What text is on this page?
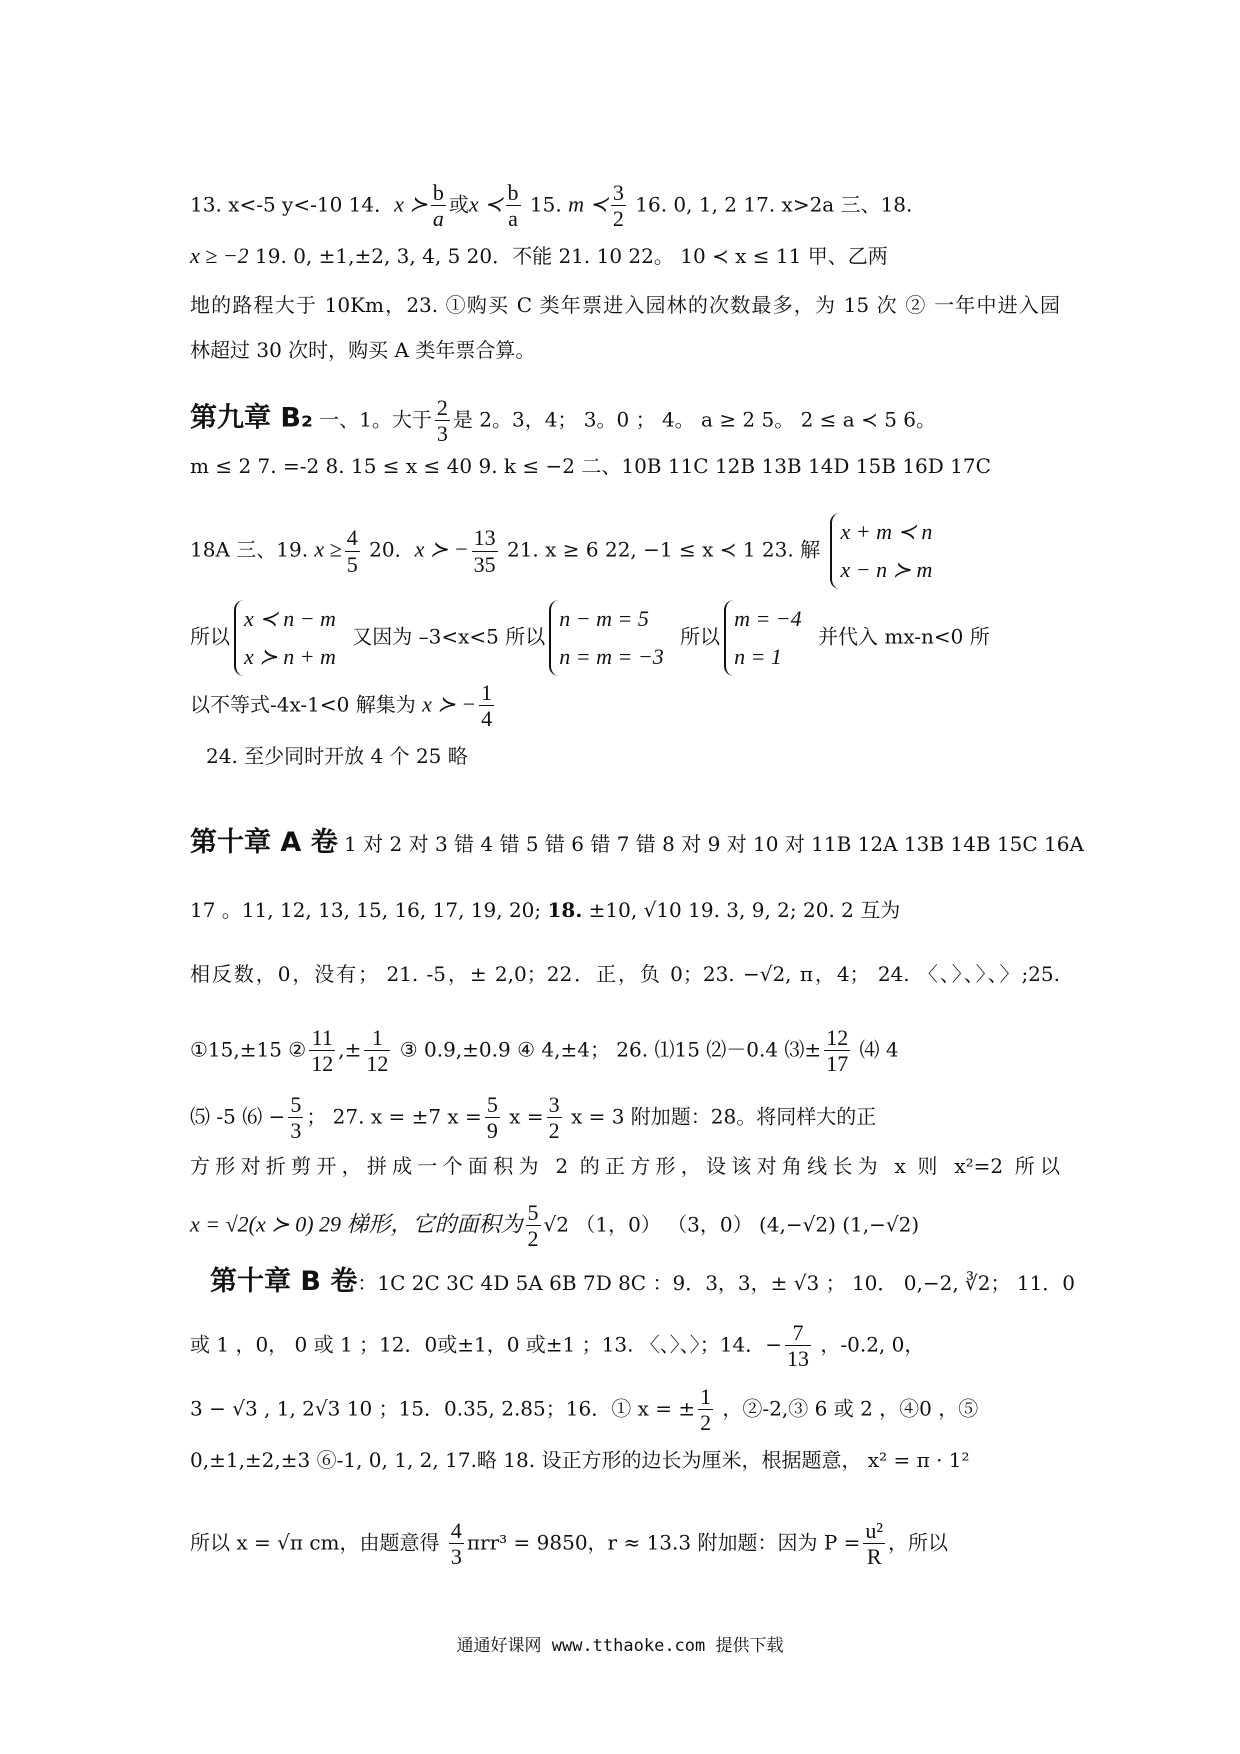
13. x<-5 y<-10 14．x ≻ $\frac{b}{a}$ 或x ≺ $\frac{b}{a} 15$. m ≺ $\frac{3}{2} 16$. 0, 1, 2 17. x>2a 三、18.
x ≥ −2 19. 0, ±1,±2, 3, 4, 5 20．不能 21. 10 22。 10 ≺ x ≤ 11 甲、乙两
地的路程大于 10Km，23. ①购买 C 类年票进入园林的次数最多，为 15 次 ② 一年中进入园
林超过 30 次时，购买 A 类年票合算。
第九章 B₂ 一、1。大于 $\frac{2}{3}$ 是 2。3，4； 3。0 ； 4。 a ≥ 2 5。 2 ≤ a ≺ 5 6。
m ≤ 2 7. =-2 8. 15 ≤ x ≤ 40 9. k ≤ −2 二、10B 11C 12B 13B 14D 15B 16D 17C
18A 三、19. $x \ge \frac{4}{5} 20$．x ≻ − $\frac{13}{35} 21$. x ≥ 6 22, −1 ≤ x ≺ 1 23. 解
x + m ≺ n
x − n ≻ m
所以
x ≺ n − m
x ≻ n + m
又因为 –3<x<5 所以
n − m = 5
n = m = −3
所以
m = −4
n = 1
并代入 mx-n<0 所
以不等式-4x-1<0 解集为 x ≻ − $\frac{1}{4}$
24. 至少同时开放 4 个 25 略
第十章 A 卷 1 对 2 对 3 错 4 错 5 错 6 错 7 错 8 对 9 对 10 对 11B 12A 13B 14B 15C 16A
17 。11, 12, 13, 15, 16, 17, 19, 20; 18. ±10, √10 19. 3, 9, 2; 20. 2 互为
相反数，0，没有； 21. -5，± 2,0；22．正，负 0；23. −√2, π，4； 24. 〈、〉、〉、〉;25.
①15,±15 ② $\frac{11}{12}$ ,± $\frac{1}{12}$ ③ 0.9,±0.9 ④ 4,±4； 26. ⑴15 ⑵－0.4 ⑶± $\frac{12}{17}$ ⑷ 4
⑸ -5 ⑹ − $\frac{5}{3}$ ； 27. x = ±7 $x = \frac{5}{9}$ $x = \frac{3}{2}$ x = 3 附加题：28。将同样大的正
方形对折剪开，拼成一个面积为 2 的正方形，设该对角线长为 x 则 x²=2 所以
x = √2(x ≻ 0) 29 梯形，它的面积为 $\frac{5}{2} √2$ （1，0） （3，0） (4,−√2) (1,−√2)
第十章 B 卷：1C 2C 3C 4D 5A 6B 7D 8C ：9．3，3，± √3 ； 10． 0,−2, ∛2； 11．0
或 1 ，0， 0 或 1 ；12．0或±1，0 或±1 ；13. 〈、〉、〉；14．− $\frac{7}{13}$ ，-0.2, 0，
3 − √3 , 1, 2√3 10 ；15．0.35, 2.85；16．① x = ± $\frac{1}{2}$ ，②-2,③ 6 或 2 ，④0 ，⑤
0,±1,±2,±3 ⑥-1, 0, 1, 2, 17.略 18. 设正方形的边长为厘米，根据题意， x² = π · 1²
所以 x = √π cm，由题意得 $\frac{4}{3} \pi rr^3 = 9850$，r ≈ 13.3 附加题：因为 $P = \frac{\text{u²}}{R}$ ，所以
通通好课网 www.tthaoke.com 提供下载
